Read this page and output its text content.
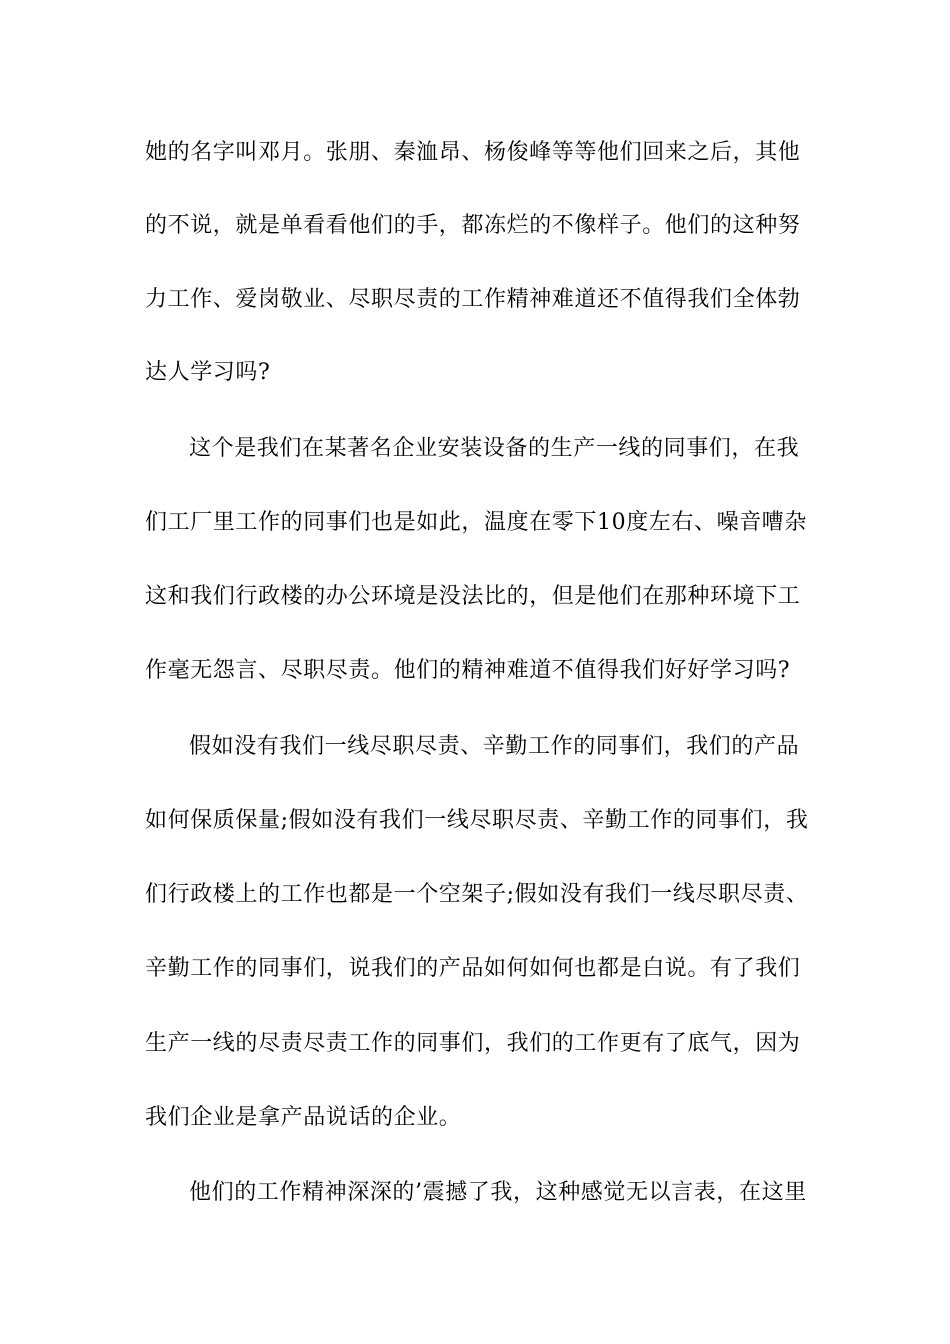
她的名字叫邓月。张朋、秦洫昂、杨俊峰等等他们回来之后，其他
的不说，就是单看看他们的手，都冻烂的不像样子。他们的这种努
力工作、爱岗敬业、尽职尽责的工作精神难道还不值得我们全体勃
达人学习吗?
这个是我们在某著名企业安装设备的生产一线的同事们，在我
们工厂里工作的同事们也是如此，温度在零下10度左右、噪音嘈杂
这和我们行政楼的办公环境是没法比的，但是他们在那种环境下工
作毫无怨言、尽职尽责。他们的精神难道不值得我们好好学习吗?
假如没有我们一线尽职尽责、辛勤工作的同事们，我们的产品
如何保质保量;假如没有我们一线尽职尽责、辛勤工作的同事们，我
们行政楼上的工作也都是一个空架子;假如没有我们一线尽职尽责、
辛勤工作的同事们，说我们的产品如何如何也都是白说。有了我们
生产一线的尽责尽责工作的同事们，我们的工作更有了底气，因为
我们企业是拿产品说话的企业。
他们的工作精神深深的’震撼了我，这种感觉无以言表，在这里
